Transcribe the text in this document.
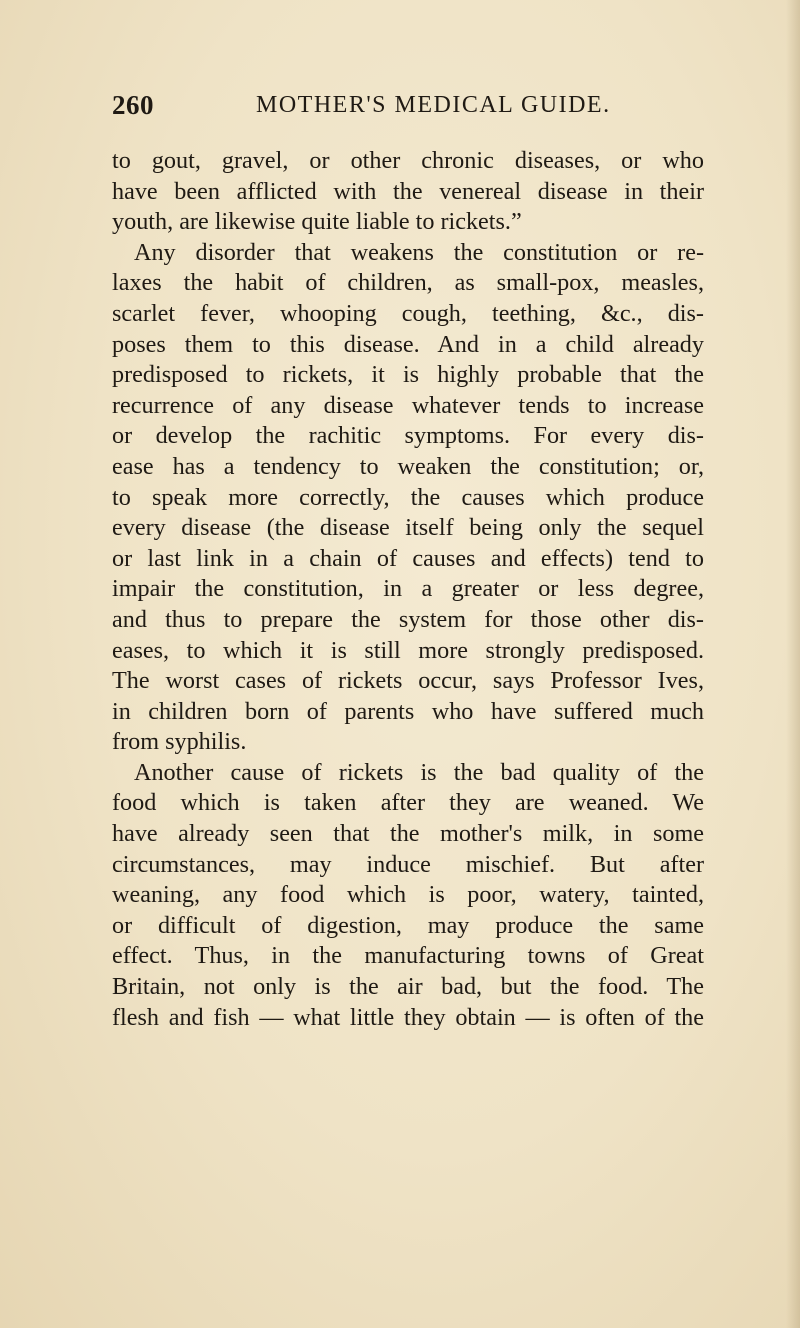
260	MOTHER'S MEDICAL GUIDE.
to gout, gravel, or other chronic diseases, or who
have been afflicted with the venereal disease in their
youth, are likewise quite liable to rickets.”
Any disorder that weakens the constitution or re-
laxes the habit of children, as small-pox, measles,
scarlet fever, whooping cough, teething, &c., dis-
poses them to this disease. And in a child already
predisposed to rickets, it is highly probable that the
recurrence of any disease whatever tends to increase
or develop the rachitic symptoms. For every dis-
ease has a tendency to weaken the constitution; or,
to speak more correctly, the causes which produce
every disease (the disease itself being only the sequel
or last link in a chain of causes and effects) tend to
impair the constitution, in a greater or less degree,
and thus to prepare the system for those other dis-
eases, to which it is still more strongly predisposed.
The worst cases of rickets occur, says Professor Ives,
in children born of parents who have suffered much
from syphilis.
Another cause of rickets is the bad quality of the
food which is taken after they are weaned. We
have already seen that the mother's milk, in some
circumstances, may induce mischief. But after
weaning, any food which is poor, watery, tainted,
or difficult of digestion, may produce the same
effect. Thus, in the manufacturing towns of Great
Britain, not only is the air bad, but the food. The
flesh and fish — what little they obtain — is often of the
